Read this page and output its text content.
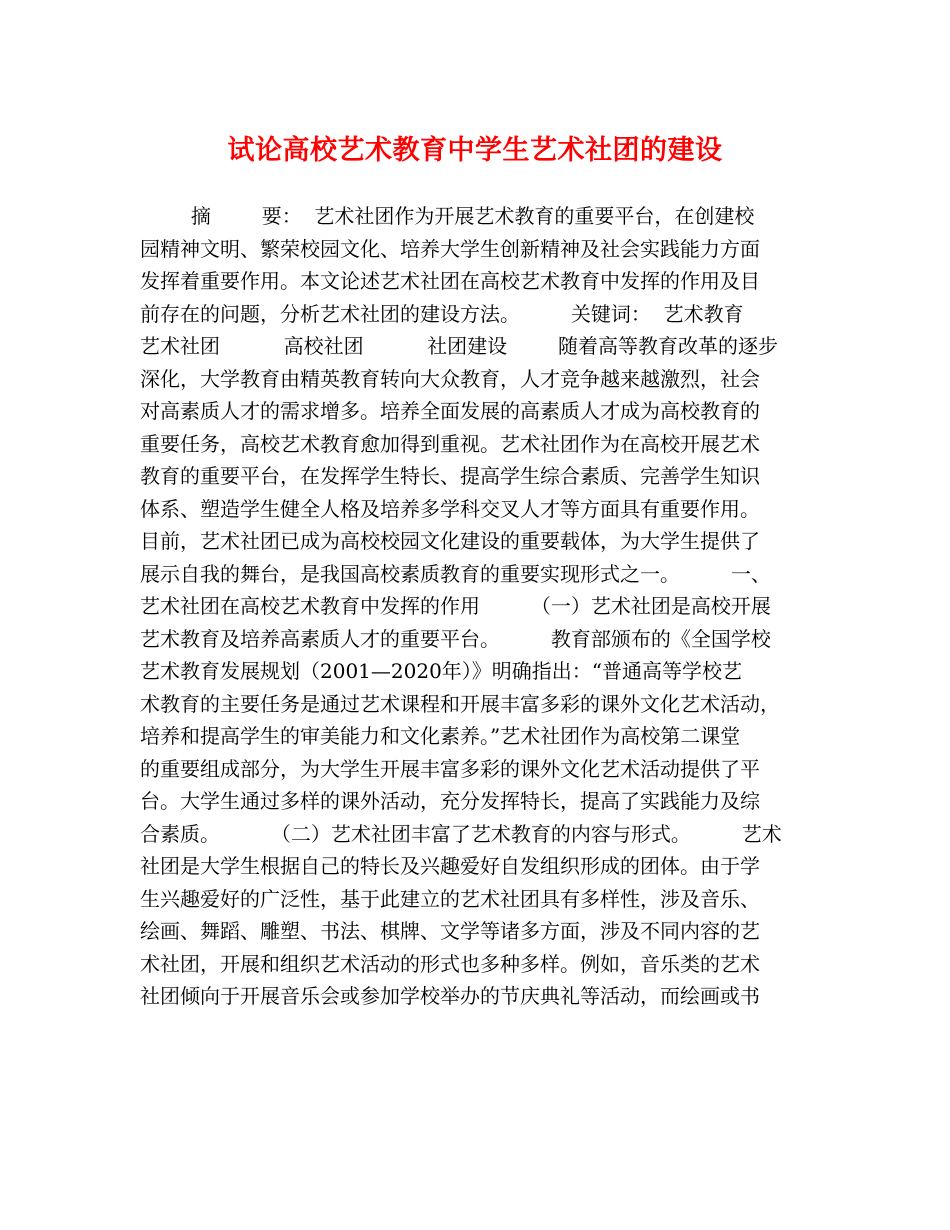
试论高校艺术教育中学生艺术社团的建设
摘        要：  艺术社团作为开展艺术教育的重要平台，在创建校
园精神文明、繁荣校园文化、培养大学生创新精神及社会实践能力方面
发挥着重要作用。本文论述艺术社团在高校艺术教育中发挥的作用及目
前存在的问题，分析艺术社团的建设方法。        关键词：  艺术教育
艺术社团          高校社团          社团建设        随着高等教育改革的逐步
深化，大学教育由精英教育转向大众教育，人才竞争越来越激烈，社会
对高素质人才的需求增多。培养全面发展的高素质人才成为高校教育的
重要任务，高校艺术教育愈加得到重视。艺术社团作为在高校开展艺术
教育的重要平台，在发挥学生特长、提高学生综合素质、完善学生知识
体系、塑造学生健全人格及培养多学科交叉人才等方面具有重要作用。
目前，艺术社团已成为高校校园文化建设的重要载体，为大学生提供了
展示自我的舞台，是我国高校素质教育的重要实现形式之一。        一、
艺术社团在高校艺术教育中发挥的作用        （一）艺术社团是高校开展
艺术教育及培养高素质人才的重要平台。        教育部颁布的《全国学校
艺术教育发展规划（2001—2020年）》明确指出：“普通高等学校艺
术教育的主要任务是通过艺术课程和开展丰富多彩的课外文化艺术活动，
培养和提高学生的审美能力和文化素养。”艺术社团作为高校第二课堂
的重要组成部分，为大学生开展丰富多彩的课外文化艺术活动提供了平
台。大学生通过多样的课外活动，充分发挥特长，提高了实践能力及综
合素质。        （二）艺术社团丰富了艺术教育的内容与形式。        艺术
社团是大学生根据自己的特长及兴趣爱好自发组织形成的团体。由于学
生兴趣爱好的广泛性，基于此建立的艺术社团具有多样性，涉及音乐、
绘画、舞蹈、雕塑、书法、棋牌、文学等诸多方面，涉及不同内容的艺
术社团，开展和组织艺术活动的形式也多种多样。例如，音乐类的艺术
社团倾向于开展音乐会或参加学校举办的节庆典礼等活动，而绘画或书
